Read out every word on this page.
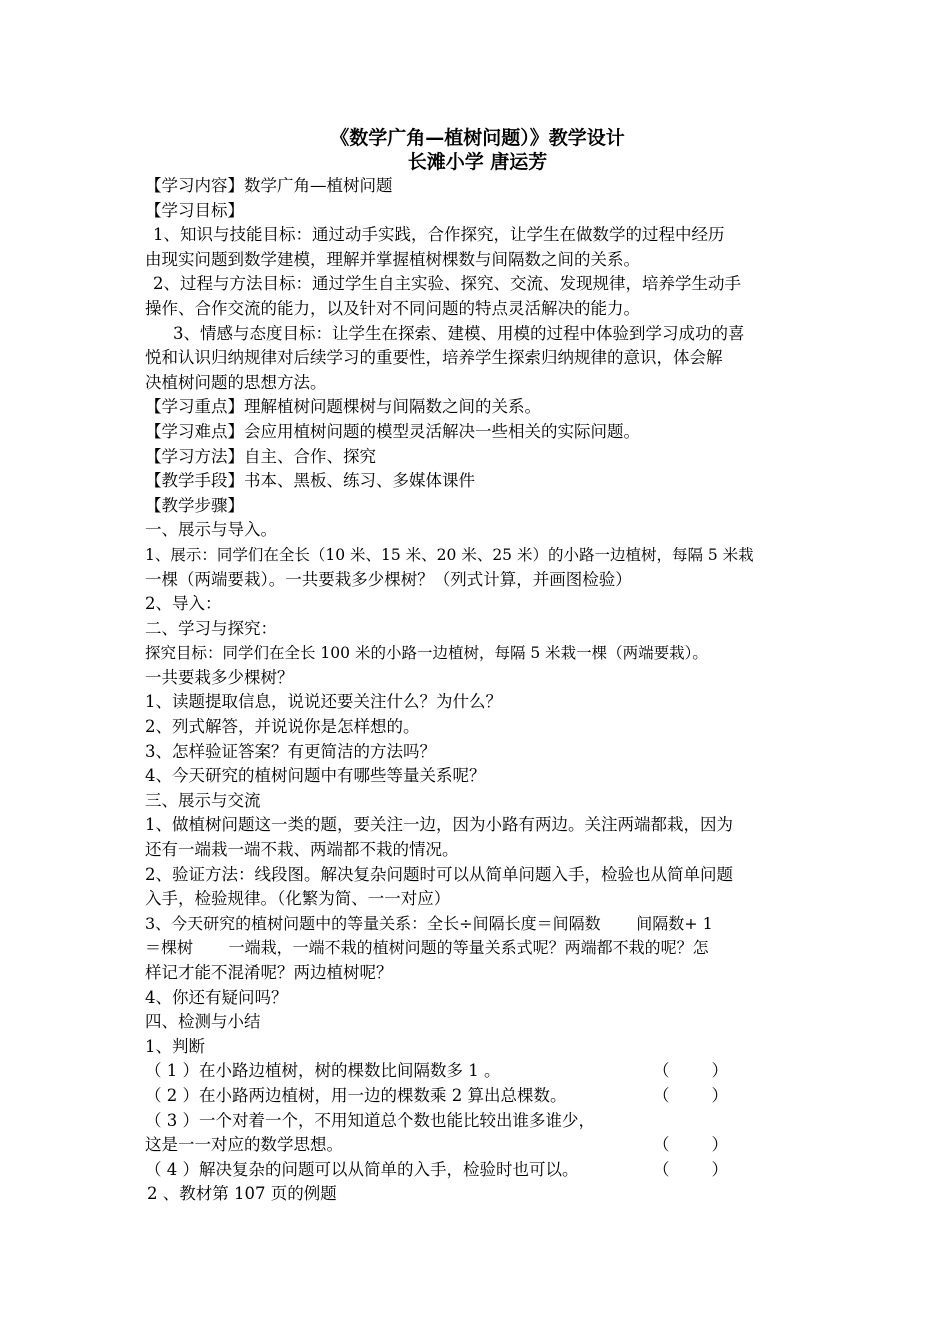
《数学广角—植树问题）》教学设计
长滩小学 唐运芳
【学习内容】数学广角—植树问题
【学习目标】
1、知识与技能目标：通过动手实践，合作探究，让学生在做数学的过程中经历
由现实问题到数学建模，理解并掌握植树棵数与间隔数之间的关系。
2、过程与方法目标：通过学生自主实验、探究、交流、发现规律，培养学生动手
操作、合作交流的能力，以及针对不同问题的特点灵活解决的能力。
3、情感与态度目标：让学生在探索、建模、用模的过程中体验到学习成功的喜
悦和认识归纳规律对后续学习的重要性，培养学生探索归纳规律的意识，体会解
决植树问题的思想方法。
【学习重点】理解植树问题棵树与间隔数之间的关系。
【学习难点】会应用植树问题的模型灵活解决一些相关的实际问题。
【学习方法】自主、合作、探究
【教学手段】书本、黑板、练习、多媒体课件
【教学步骤】
一、展示与导入。
1、展示：同学们在全长（10 米、15 米、20 米、25 米）的小路一边植树，每隔 5 米栽
一棵（两端要栽）。一共要栽多少棵树？（列式计算，并画图检验）
2、导入：
二、学习与探究：
探究目标：同学们在全长 100 米的小路一边植树，每隔 5 米栽一棵（两端要栽）。
一共要栽多少棵树？
1、读题提取信息，说说还要关注什么？为什么？
2、列式解答，并说说你是怎样想的。
3、怎样验证答案？有更简洁的方法吗？
4、今天研究的植树问题中有哪些等量关系呢？
三、展示与交流
1、做植树问题这一类的题，要关注一边，因为小路有两边。关注两端都栽，因为
还有一端栽一端不栽、两端都不栽的情况。
2、验证方法：线段图。解决复杂问题时可以从简单问题入手，检验也从简单问题
入手，检验规律。（化繁为简、一一对应）
3、今天研究的植树问题中的等量关系：全长÷间隔长度＝间隔数       间隔数+ 1
＝棵树       一端栽，一端不栽的植树问题的等量关系式呢？两端都不栽的呢？怎
样记才能不混淆呢？两边植树呢？
4、你还有疑问吗？
四、检测与小结
1、判断
（ 1 ）在小路边植树，树的棵数比间隔数多 1 。	（        ）
（ 2 ）在小路两边植树，用一边的棵数乘 2 算出总棵数。	（        ）
（ 3 ）一个对着一个，不用知道总个数也能比较出谁多谁少，
这是一一对应的数学思想。	（        ）
（ 4 ）解决复杂的问题可以从简单的入手，检验时也可以。	（        ）
2 、教材第 107 页的例题
